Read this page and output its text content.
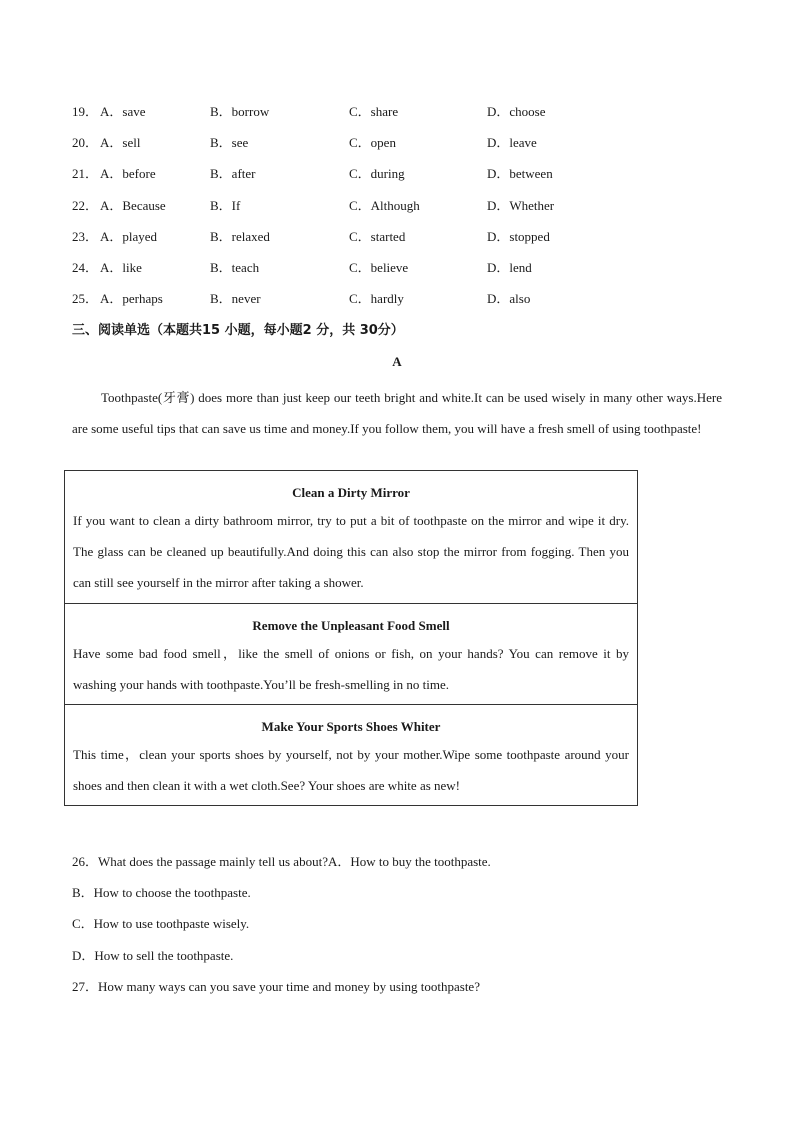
19． A．save	B．borrow	C．share	D．choose
20． A．sell	B．see	C．open	D．leave
21． A．before	B．after	C．during	D．between
22． A．Because	B．If	C．Although	D．Whether
23． A．played	B．relaxed	C．started	D．stopped
24． A．like	B．teach	C．believe	D．lend
25． A．perhaps	B．never	C．hardly	D．also
三、阅读单选（本题共15 小题，每小题2 分，共 30分）
A
Toothpaste(牙膏) does more than just keep our teeth bright and white.It can be used wisely in many other ways.Here are some useful tips that can save us time and money.If you follow them, you will have a fresh smell of using toothpaste!
Clean a Dirty Mirror
If you want to clean a dirty bathroom mirror, try to put a bit of toothpaste on the mirror and wipe it dry. The glass can be cleaned up beautifully.And doing this can also stop the mirror from fogging. Then you can still see yourself in the mirror after taking a shower.
Remove the Unpleasant Food Smell
Have some bad food smell，like the smell of onions or fish, on your hands? You can remove it by washing your hands with toothpaste.You’ll be fresh-smelling in no time.
Make Your Sports Shoes Whiter
This time，clean your sports shoes by yourself, not by your mother.Wipe some toothpaste around your shoes and then clean it with a wet cloth.See? Your shoes are white as new!
26．What does the passage mainly tell us about?A．How to buy the toothpaste.
B．How to choose the toothpaste.
C．How to use toothpaste wisely.
D．How to sell the toothpaste.
27．How many ways can you save your time and money by using toothpaste?
